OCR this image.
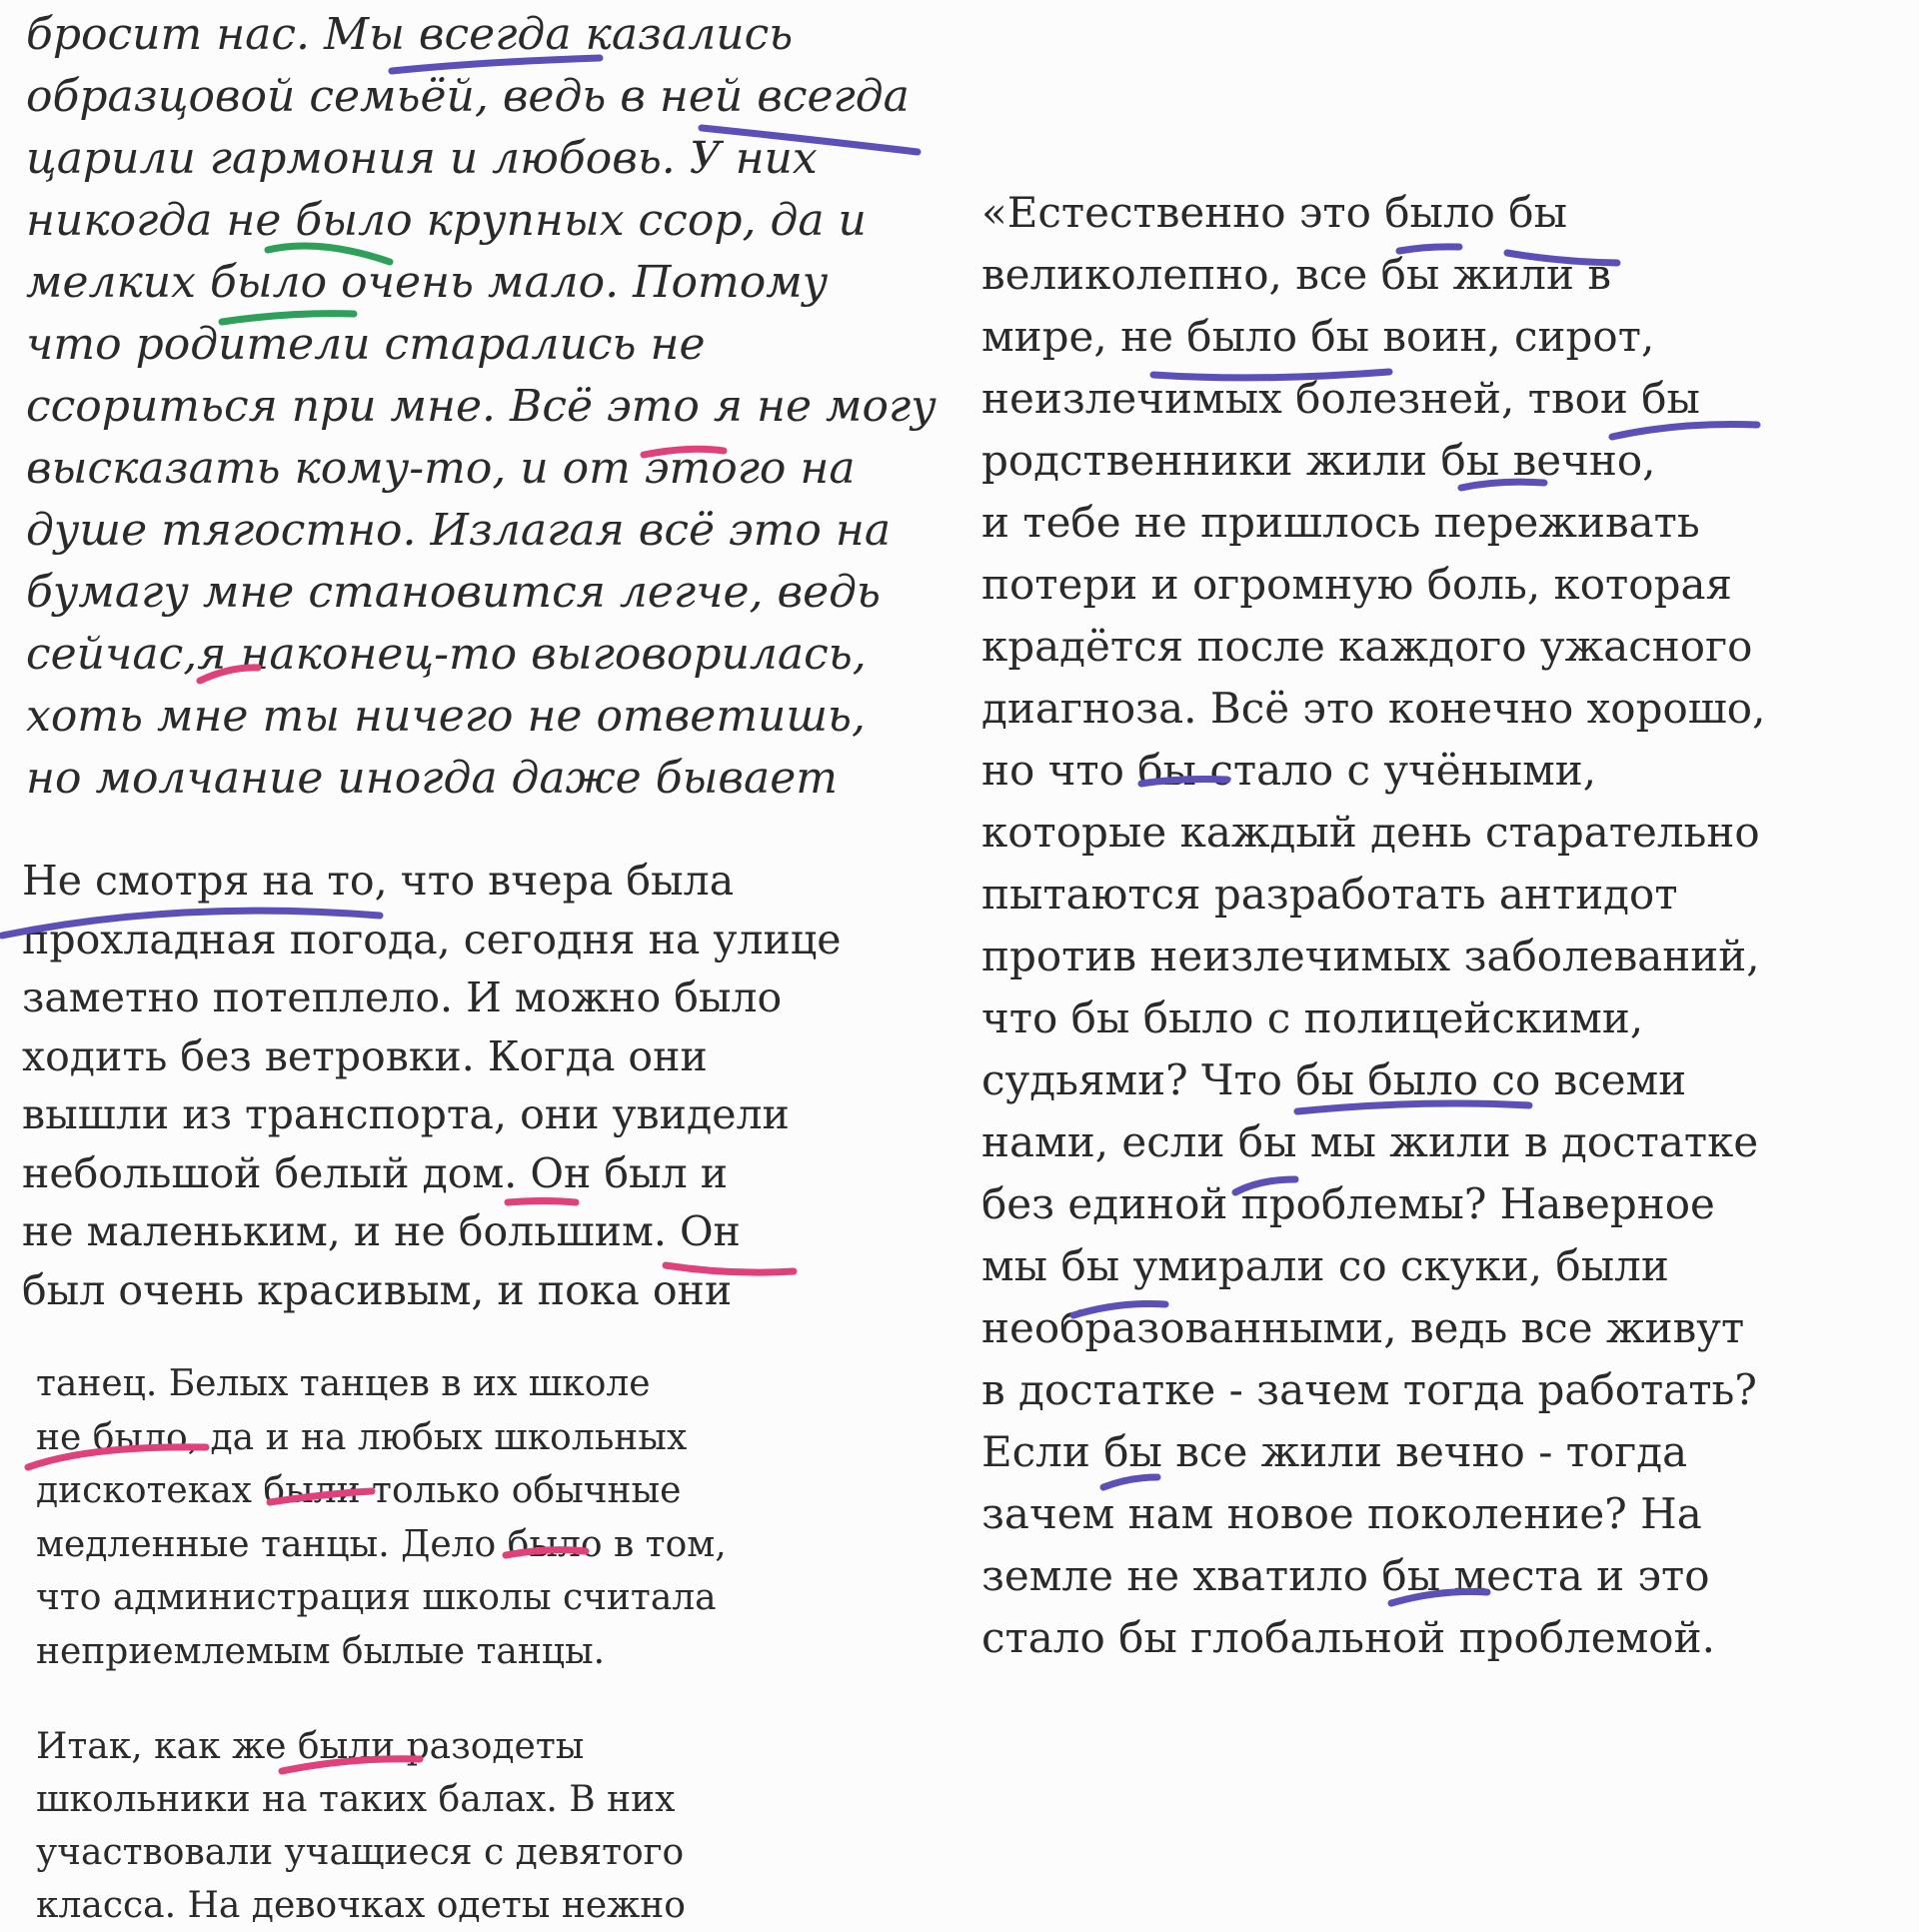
бросит нас. Мы всегда казались
образцовой семьёй, ведь в ней всегда
царили гармония и любовь. У них
никогда не было крупных ссор, да и
мелких было очень мало. Потому
что родители старались не
ссориться при мне. Всё это я не могу
высказать кому-то, и от этого на
душе тягостно. Излагая всё это на
бумагу мне становится легче, ведь
сейчас,я наконец-то выговорилась,
хоть мне ты ничего не ответишь,
но молчание иногда даже бывает
Не смотря на то, что вчера была
прохладная погода, сегодня на улице
заметно потеплело. И можно было
ходить без ветровки. Когда они
вышли из транспорта, они увидели
небольшой белый дом. Он был и
не маленьким, и не большим. Он
был очень красивым, и пока они
танец. Белых танцев в их школе
не было, да и на любых школьных
дискотеках были только обычные
медленные танцы. Дело было в том,
что администрация школы считала
неприемлемым былые танцы.
Итак, как же были разодеты
школьники на таких балах. В них
участвовали учащиеся с девятого
класса. На девочках одеты нежно
«Естественно это было бы
великолепно, все бы жили в
мире, не было бы воин, сирот,
неизлечимых болезней, твои бы
родственники жили бы вечно,
и тебе не пришлось переживать
потери и огромную боль, которая
крадётся после каждого ужасного
диагноза. Всё это конечно хорошо,
но что бы стало с учёными,
которые каждый день старательно
пытаются разработать антидот
против неизлечимых заболеваний,
что бы было с полицейскими,
судьями? Что бы было со всеми
нами, если бы мы жили в достатке
без единой проблемы? Наверное
мы бы умирали со скуки, были
необразованными, ведь все живут
в достатке - зачем тогда работать?
Если бы все жили вечно - тогда
зачем нам новое поколение? На
земле не хватило бы места и это
стало бы глобальной проблемой.
